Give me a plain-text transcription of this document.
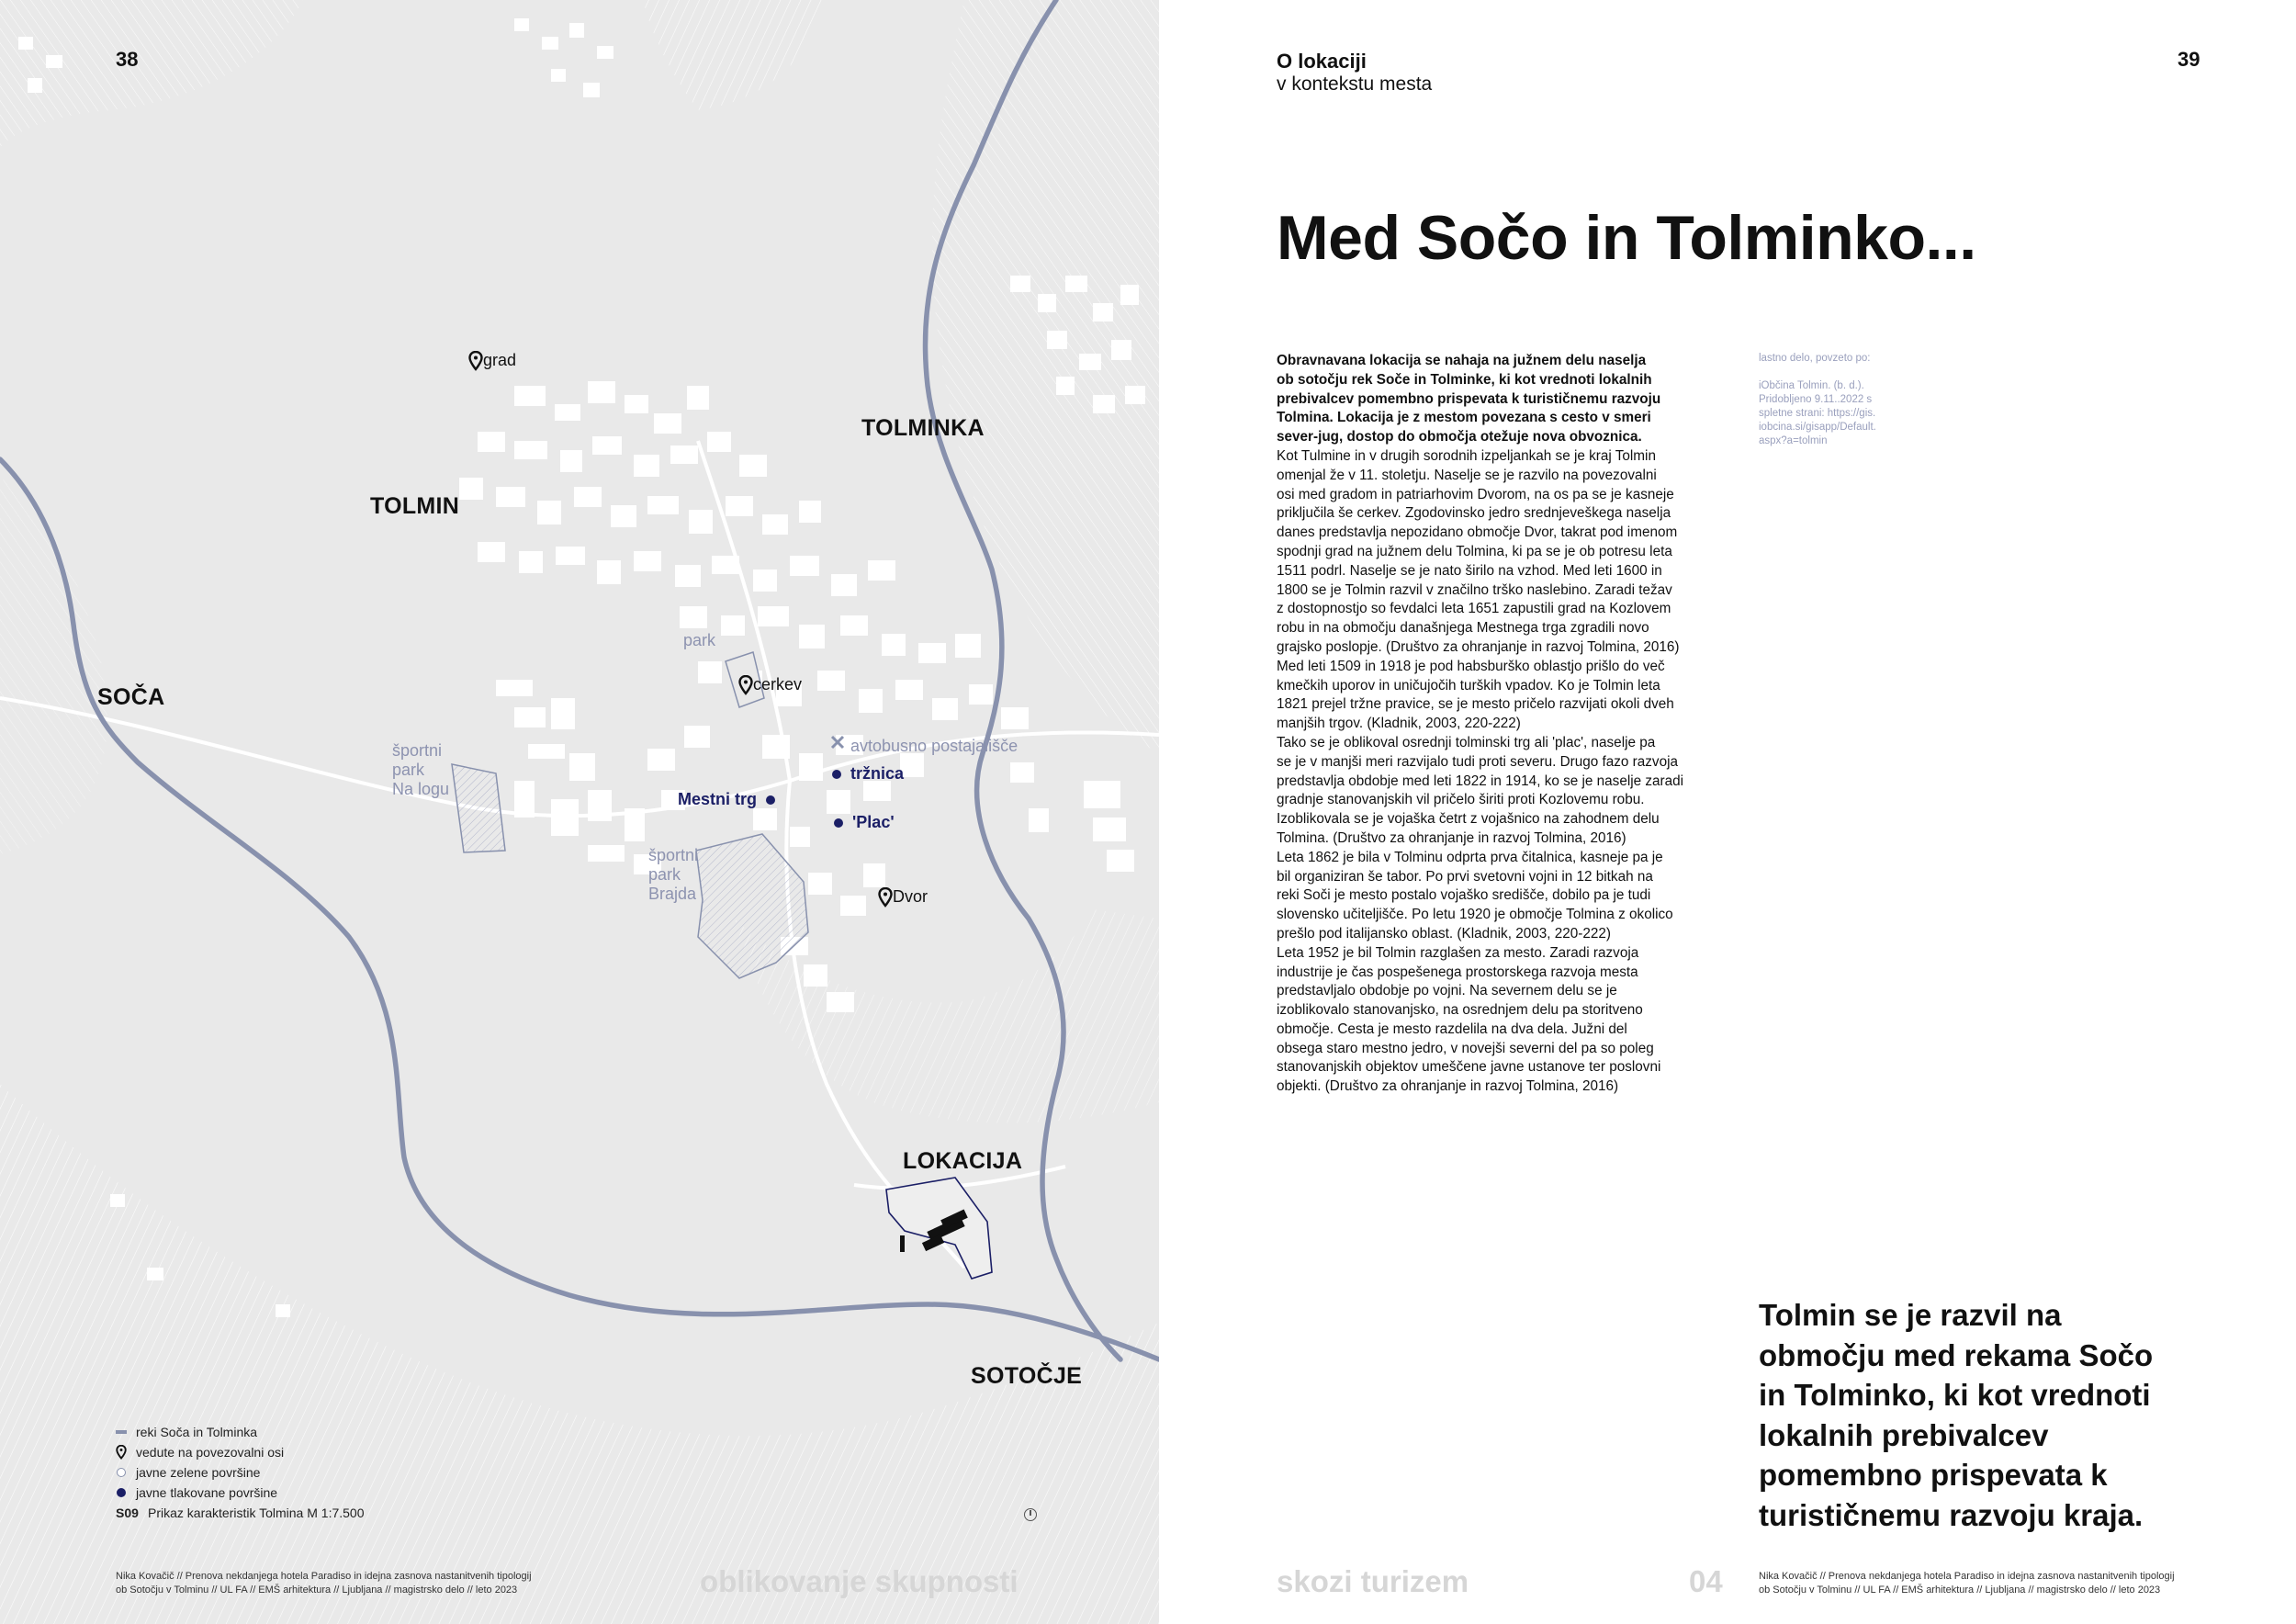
38
grad
TOLMIN
TOLMINKA
SOČA
LOKACIJA
SOTOČJE
park
cerkev
avtobusno postajališče
tržnica
Mestni trg
'Plac'
Dvor
športni
park
Na logu
športni
park
Brajda
reki Soča in Tolminka
vedute na povezovalni osi
javne zelene površine
javne tlakovane površine
S09 Prikaz karakteristik Tolmina M 1:7.500
Nika Kovačič // Prenova nekdanjega hotela Paradiso in idejna zasnova nastanitvenih tipologij
ob Sotočju v Tolminu // UL FA // EMŠ arhitektura // Ljubljana // magistrsko delo // leto 2023	oblikovanje skupnosti
O lokaciji
v kontekstu mesta
39
Med Sočo in Tolminko...
Obravnavana lokacija se nahaja na južnem delu naselja
ob sotočju rek Soče in Tolminke, ki kot vrednoti lokalnih
prebivalcev pomembno prispevata k turističnemu razvoju
Tolmina. Lokacija je z mestom povezana s cesto v smeri
sever-jug, dostop do območja otežuje nova obvoznica.
Kot Tulmine in v drugih sorodnih izpeljankah se je kraj Tolmin
omenjal že v 11. stoletju. Naselje se je razvilo na povezovalni
osi med gradom in patriarhovim Dvorom, na os pa se je kasneje
priključila še cerkev. Zgodovinsko jedro srednjeveškega naselja
danes predstavlja nepozidano območje Dvor, takrat pod imenom
spodnji grad na južnem delu Tolmina, ki pa se je ob potresu leta
1511 podrl. Naselje se je nato širilo na vzhod. Med leti 1600 in
1800 se je Tolmin razvil v značilno trško naslebino. Zaradi težav
z dostopnostjo so fevdalci leta 1651 zapustili grad na Kozlovem
robu in na območju današnjega Mestnega trga zgradili novo
grajsko poslopje. (Društvo za ohranjanje in razvoj Tolmina, 2016)
Med leti 1509 in 1918 je pod habsburško oblastjo prišlo do več
kmečkih uporov in uničujočih turških vpadov. Ko je Tolmin leta
1821 prejel tržne pravice, se je mesto pričelo razvijati okoli dveh
manjših trgov. (Kladnik, 2003, 220-222)
Tako se je oblikoval osrednji tolminski trg ali 'plac', naselje pa
se je v manjši meri razvijalo tudi proti severu. Drugo fazo razvoja
predstavlja obdobje med leti 1822 in 1914, ko se je naselje zaradi
gradnje stanovanjskih vil pričelo širiti proti Kozlovemu robu.
Izoblikovala se je vojaška četrt z vojašnico na zahodnem delu
Tolmina. (Društvo za ohranjanje in razvoj Tolmina, 2016)
Leta 1862 je bila v Tolminu odprta prva čitalnica, kasneje pa je
bil organiziran še tabor. Po prvi svetovni vojni in 12 bitkah na
reki Soči je mesto postalo vojaško središče, dobilo pa je tudi
slovensko učiteljišče. Po letu 1920 je območje Tolmina z okolico
prešlo pod italijansko oblast. (Kladnik, 2003, 220-222)
Leta 1952 je bil Tolmin razglašen za mesto. Zaradi razvoja
industrije je čas pospešenega prostorskega razvoja mesta
predstavljalo obdobje po vojni. Na severnem delu se je
izoblikovalo stanovanjsko, na osrednjem delu pa storitveno
območje. Cesta je mesto razdelila na dva dela. Južni del
obsega staro mestno jedro, v novejši severni del pa so poleg
stanovanjskih objektov umeščene javne ustanove ter poslovni
objekti. (Društvo za ohranjanje in razvoj Tolmina, 2016)
lastno delo, povzeto po:
iObčina Tolmin. (b. d.).
Pridobljeno 9.11..2022 s
spletne strani: https://gis.
iobcina.si/gisapp/Default.
aspx?a=tolmin
Tolmin se je razvil na
območju med rekama Sočo
in Tolminko, ki kot vrednoti
lokalnih prebivalcev
pomembno prispevata k
turističnemu razvoju kraja.
skozi turizem	04	Nika Kovačič // Prenova nekdanjega hotela Paradiso in idejna zasnova nastanitvenih tipologij
ob Sotočju v Tolminu // UL FA // EMŠ arhitektura // Ljubljana // magistrsko delo // leto 2023
